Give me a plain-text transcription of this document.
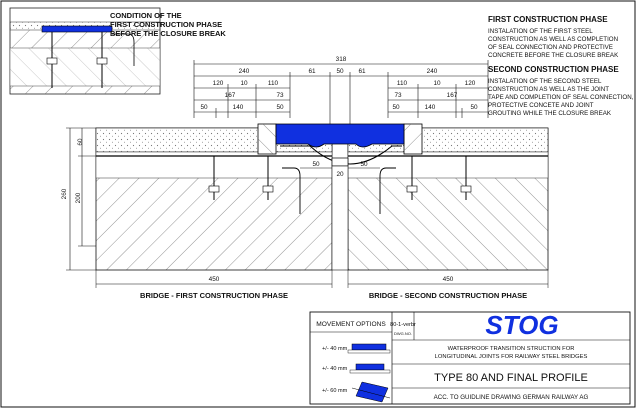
CONDITION OF THE
FIRST CONSTRUCTION PHASE
BEFORE THE CLOSURE BREAK
FIRST CONSTRUCTION PHASE
INSTALATION OF THE FIRST STEEL
CONSTRUCTION AS WELL AS COMPLETION
OF SEAL CONNECTION AND PROTECTIVE
CONCRETE BEFORE THE CLOSURE BREAK
SECOND CONSTRUCTION PHASE
INSTALATION OF THE SECOND STEEL
CONSTRUCTION AS WELL AS THE JOINT
TAPE AND COMPLETION OF SEAL CONNECTION,
PROTECTIVE CONCETE AND JOINT
GROUTING WHILE THE CLOSURE BREAK
318
240	61	50 61	240
120	10	110	110	10	120
167	73	73	167
50	140	50	50	140	50
50
20
50
60
260 200
450	450
BRIDGE - FIRST CONSTRUCTION PHASE	BRIDGE - SECOND CONSTRUCTION PHASE
MOVEMENT OPTIONS 80-1-verbr
DWG.NO.	STOG
WATERPROOF TRANSITION STRUCTION FOR
LONGITUDINAL JOINTS FOR RAILWAY STEEL BRIDGES
TYPE 80 AND FINAL PROFILE
ACC. TO GUIDLINE DRAWING GERMAN RAILWAY AG
+/- 40 mm
+/- 40 mm
+/- 60 mm
